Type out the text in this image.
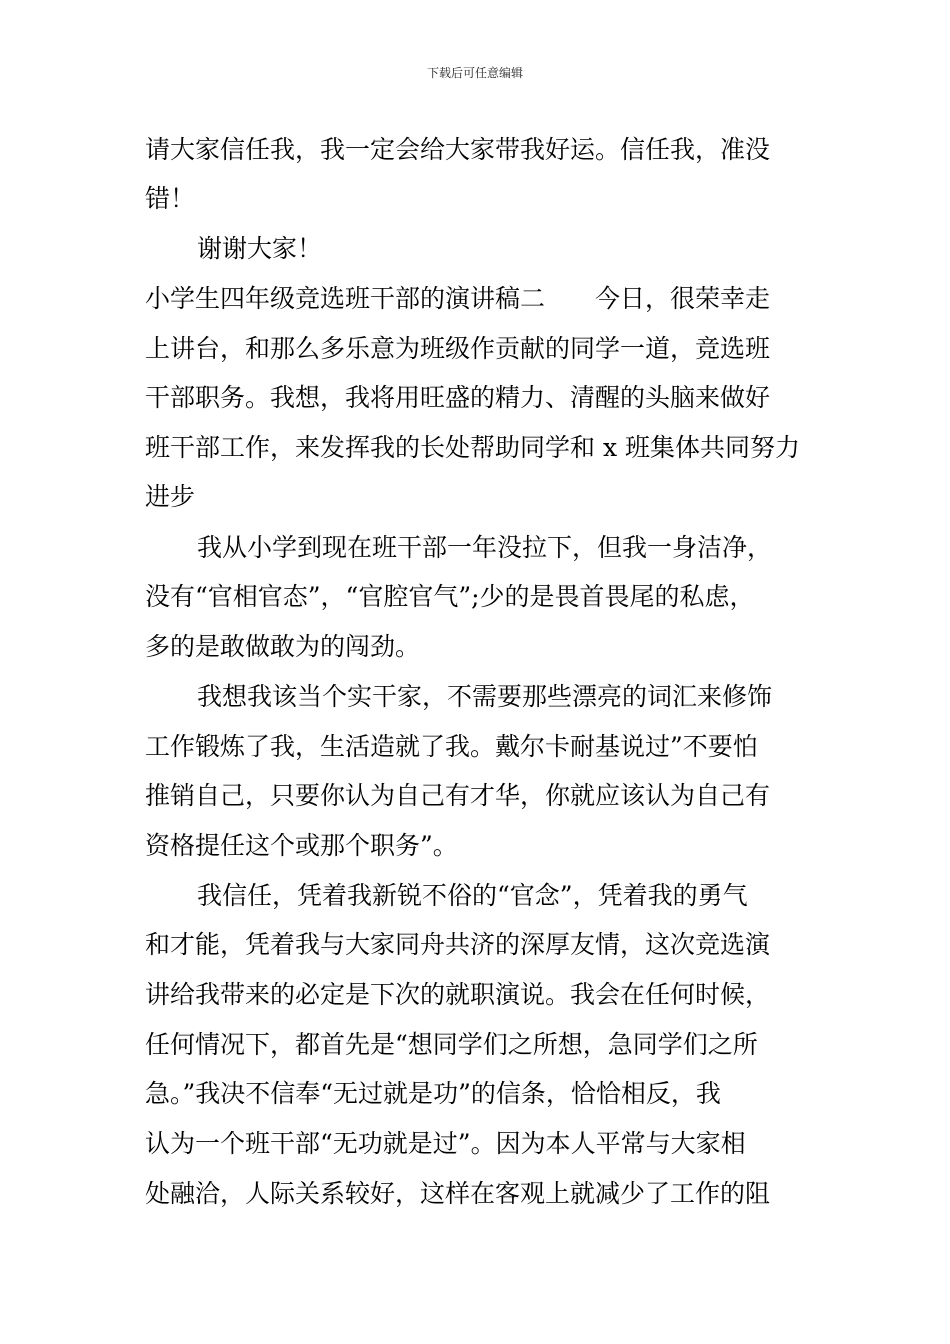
下载后可任意编辑
请大家信任我，我一定会给大家带我好运。信任我，准没
错！
谢谢大家！
小学生四年级竞选班干部的演讲稿二　　今日，很荣幸走
上讲台，和那么多乐意为班级作贡献的同学一道，竞选班
干部职务。我想，我将用旺盛的精力、清醒的头脑来做好
班干部工作，来发挥我的长处帮助同学和 x 班集体共同努力
进步
我从小学到现在班干部一年没拉下，但我一身洁净，
没有“官相官态”，“官腔官气”;少的是畏首畏尾的私虑，
多的是敢做敢为的闯劲。
我想我该当个实干家，不需要那些漂亮的词汇来修饰
工作锻炼了我，生活造就了我。戴尔卡耐基说过”不要怕
推销自己，只要你认为自己有才华，你就应该认为自己有
资格提任这个或那个职务”。
我信任，凭着我新锐不俗的“官念”，凭着我的勇气
和才能，凭着我与大家同舟共济的深厚友情，这次竞选演
讲给我带来的必定是下次的就职演说。我会在任何时候，
任何情况下，都首先是“想同学们之所想，急同学们之所
急。”我决不信奉“无过就是功”的信条，恰恰相反，我
认为一个班干部“无功就是过”。因为本人平常与大家相
处融洽，人际关系较好，这样在客观上就减少了工作的阻
